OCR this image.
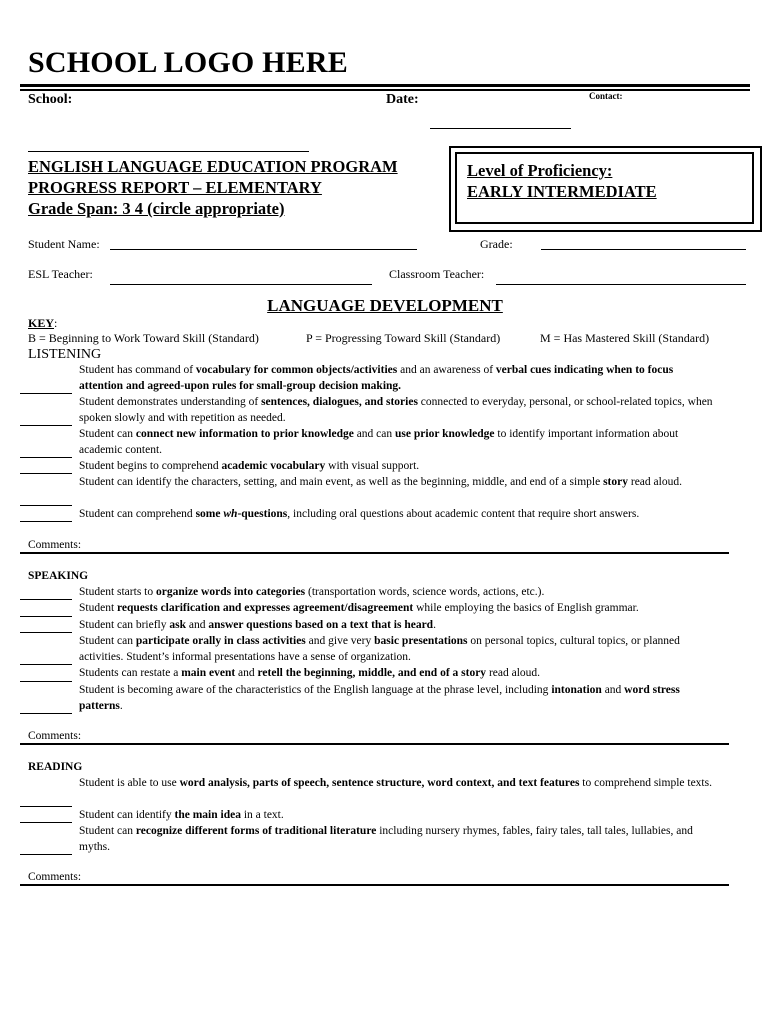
SCHOOL LOGO HERE
School:	Date:	Contact:
ENGLISH LANGUAGE EDUCATION PROGRAM
PROGRESS REPORT – ELEMENTARY
Grade Span: 3 4 (circle appropriate)
Level of Proficiency:
EARLY INTERMEDIATE
Student Name:	Grade:
ESL Teacher:	Classroom Teacher:
LANGUAGE DEVELOPMENT
KEY:
B = Beginning to Work Toward Skill (Standard)	P = Progressing Toward Skill (Standard)	M = Has Mastered Skill (Standard)
LISTENING
Student has command of vocabulary for common objects/activities and an awareness of verbal cues indicating when to focus attention and agreed-upon rules for small-group decision making.
Student demonstrates understanding of sentences, dialogues, and stories connected to everyday, personal, or school-related topics, when spoken slowly and with repetition as needed.
Student can connect new information to prior knowledge and can use prior knowledge to identify important information about academic content.
Student begins to comprehend academic vocabulary with visual support.
Student can identify the characters, setting, and main event, as well as the beginning, middle, and end of a simple story read aloud.
Student can comprehend some wh-questions, including oral questions about academic content that require short answers.
Comments:
SPEAKING
Student starts to organize words into categories (transportation words, science words, actions, etc.).
Student requests clarification and expresses agreement/disagreement while employing the basics of English grammar.
Student can briefly ask and answer questions based on a text that is heard.
Student can participate orally in class activities and give very basic presentations on personal topics, cultural topics, or planned activities. Student’s informal presentations have a sense of organization.
Students can restate a main event and retell the beginning, middle, and end of a story read aloud.
Student is becoming aware of the characteristics of the English language at the phrase level, including intonation and word stress patterns.
Comments:
READING
Student is able to use word analysis, parts of speech, sentence structure, word context, and text features to comprehend simple texts.
Student can identify the main idea in a text.
Student can recognize different forms of traditional literature including nursery rhymes, fables, fairy tales, tall tales, lullabies, and myths.
Comments:
